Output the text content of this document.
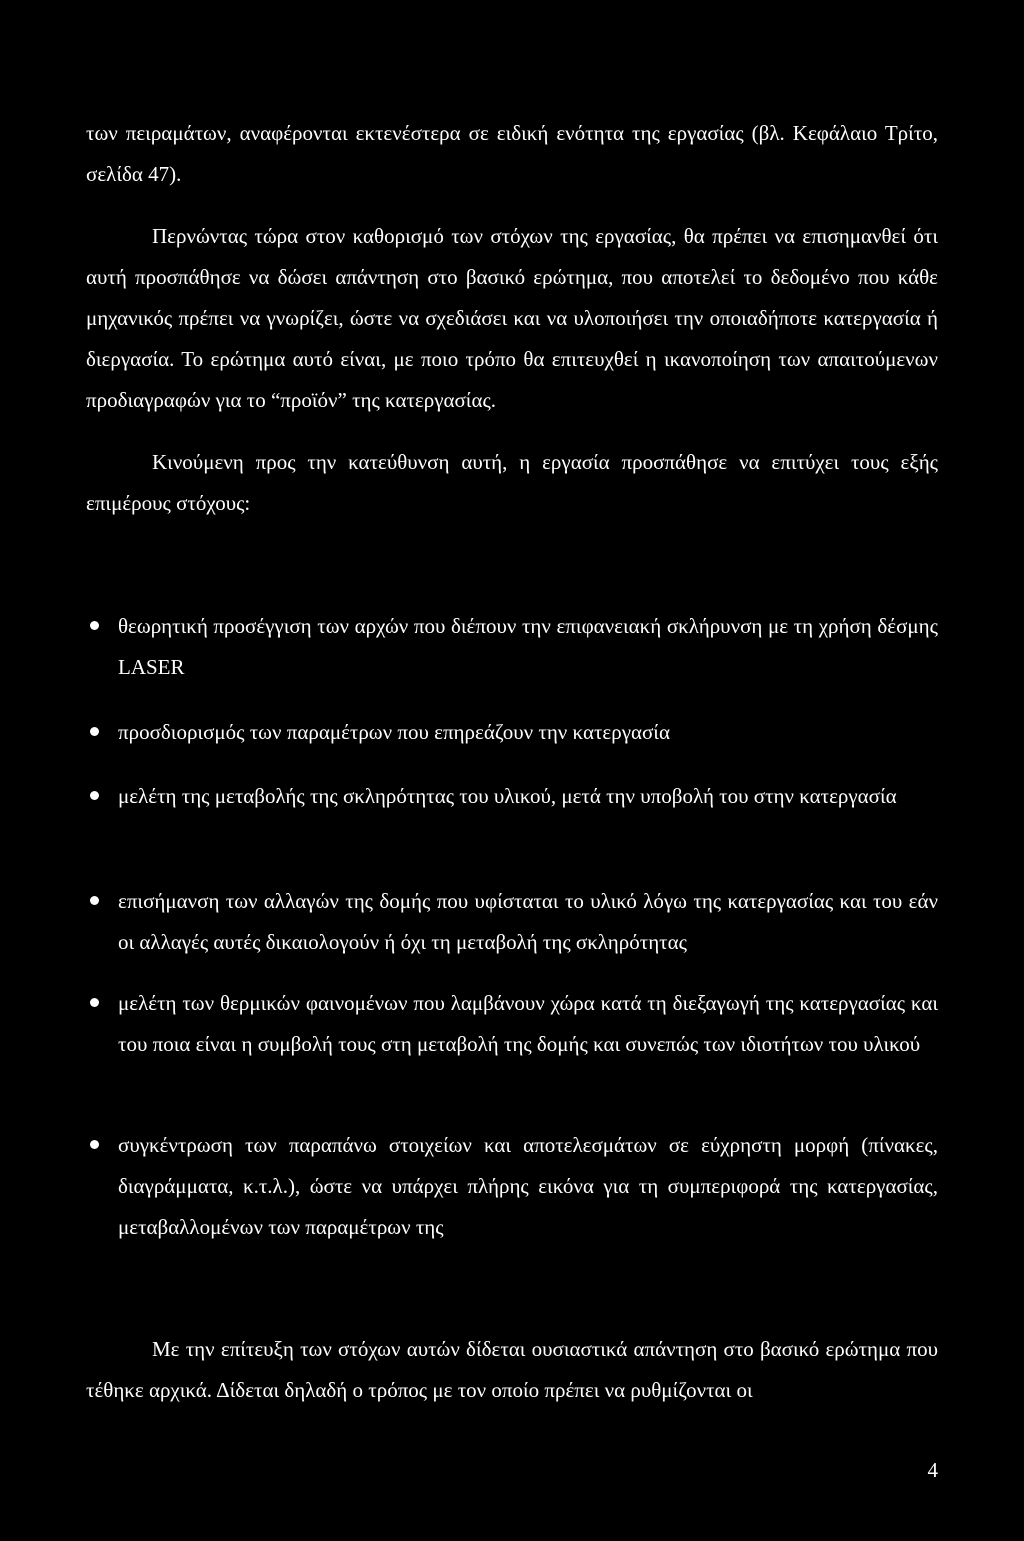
των πειραμάτων, αναφέρονται εκτενέστερα σε ειδική ενότητα της εργασίας (βλ. Κεφάλαιο Τρίτο, σελίδα 47).

Περνώντας τώρα στον καθορισμό των στόχων της εργασίας, θα πρέπει να επισημανθεί ότι αυτή προσπάθησε να δώσει απάντηση στο βασικό ερώτημα, που αποτελεί το δεδομένο που κάθε μηχανικός πρέπει να γνωρίζει, ώστε να σχεδιάσει και να υλοποιήσει την οποιαδήποτε κατεργασία ή διεργασία. Το ερώτημα αυτό είναι, με ποιο τρόπο θα επιτευχθεί η ικανοποίηση των απαιτούμενων προδιαγραφών για το “προϊόν” της κατεργασίας.

Κινούμενη προς την κατεύθυνση αυτή, η εργασία προσπάθησε να επιτύχει τους εξής επιμέρους στόχους:

θεωρητική προσέγγιση των αρχών που διέπουν την επιφανειακή σκλήρυνση με τη χρήση δέσμης LASER
προσδιορισμός των παραμέτρων που επηρεάζουν την κατεργασία
μελέτη της μεταβολής της σκληρότητας του υλικού, μετά την υποβολή του στην κατεργασία
επισήμανση των αλλαγών της δομής που υφίσταται το υλικό λόγω της κατεργασίας και του εάν οι αλλαγές αυτές δικαιολογούν ή όχι τη μεταβολή της σκληρότητας
μελέτη των θερμικών φαινομένων που λαμβάνουν χώρα κατά τη διεξαγωγή της κατεργασίας και του ποια είναι η συμβολή τους στη μεταβολή της δομής και συνεπώς των ιδιοτήτων του υλικού
συγκέντρωση των παραπάνω στοιχείων και αποτελεσμάτων σε εύχρηστη μορφή (πίνακες, διαγράμματα, κ.τ.λ.), ώστε να υπάρχει πλήρης εικόνα για τη συμπεριφορά της κατεργασίας, μεταβαλλομένων των παραμέτρων της

Με την επίτευξη των στόχων αυτών δίδεται ουσιαστικά απάντηση στο βασικό ερώτημα που τέθηκε αρχικά. Δίδεται δηλαδή ο τρόπος με τον οποίο πρέπει να ρυθμίζονται οι

4
